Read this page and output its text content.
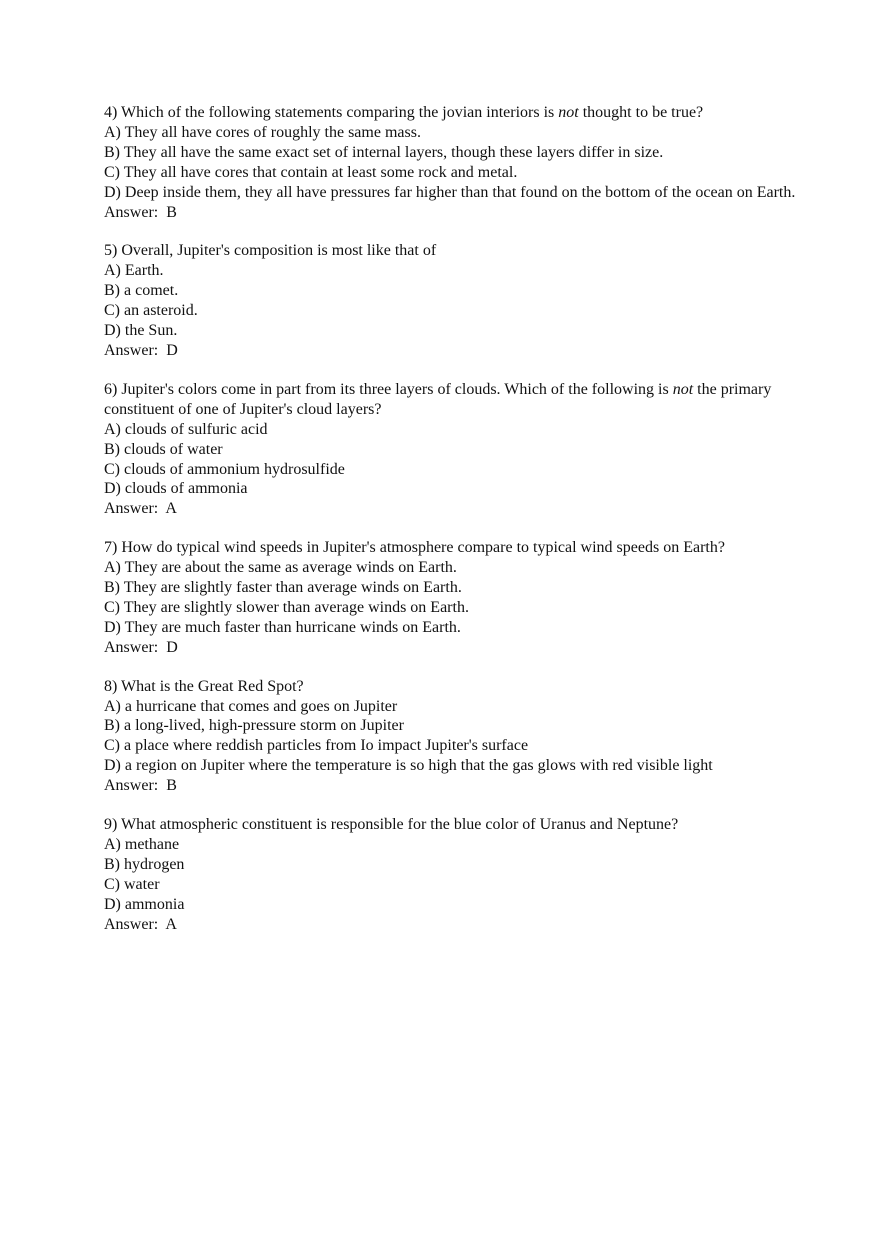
4) Which of the following statements comparing the jovian interiors is not thought to be true?
A) They all have cores of roughly the same mass.
B) They all have the same exact set of internal layers, though these layers differ in size.
C) They all have cores that contain at least some rock and metal.
D) Deep inside them, they all have pressures far higher than that found on the bottom of the ocean on Earth.
Answer:  B
5) Overall, Jupiter's composition is most like that of
A) Earth.
B) a comet.
C) an asteroid.
D) the Sun.
Answer:  D
6) Jupiter's colors come in part from its three layers of clouds. Which of the following is not the primary constituent of one of Jupiter's cloud layers?
A) clouds of sulfuric acid
B) clouds of water
C) clouds of ammonium hydrosulfide
D) clouds of ammonia
Answer:  A
7) How do typical wind speeds in Jupiter's atmosphere compare to typical wind speeds on Earth?
A) They are about the same as average winds on Earth.
B) They are slightly faster than average winds on Earth.
C) They are slightly slower than average winds on Earth.
D) They are much faster than hurricane winds on Earth.
Answer:  D
8) What is the Great Red Spot?
A) a hurricane that comes and goes on Jupiter
B) a long-lived, high-pressure storm on Jupiter
C) a place where reddish particles from Io impact Jupiter's surface
D) a region on Jupiter where the temperature is so high that the gas glows with red visible light
Answer:  B
9) What atmospheric constituent is responsible for the blue color of Uranus and Neptune?
A) methane
B) hydrogen
C) water
D) ammonia
Answer:  A
